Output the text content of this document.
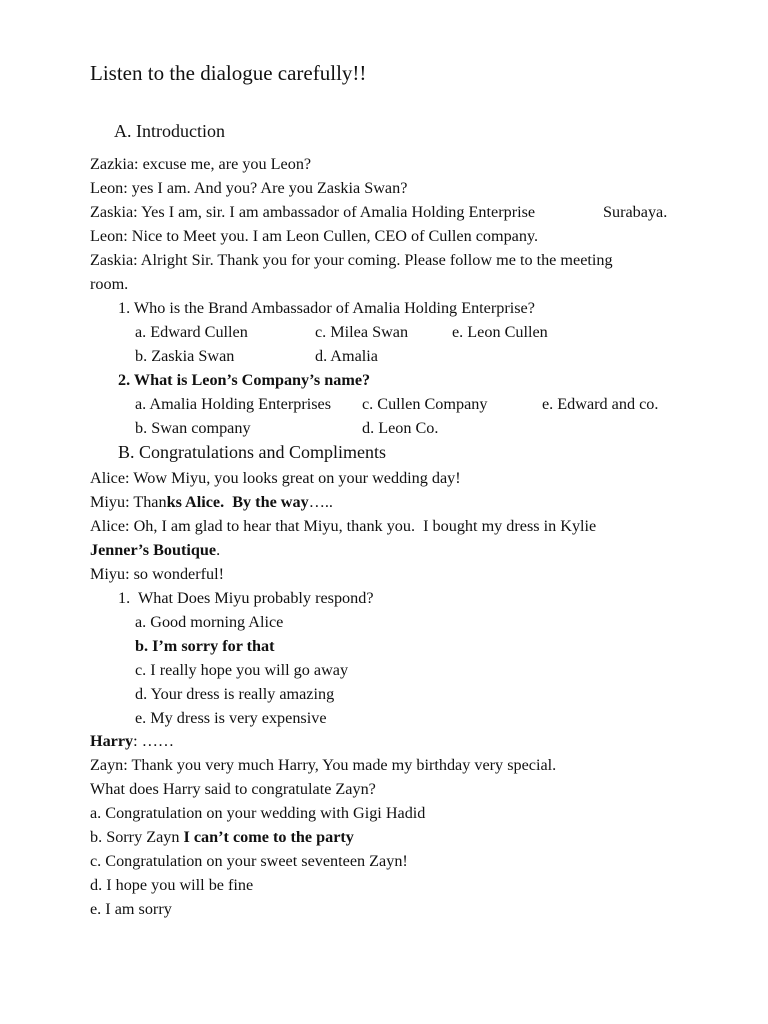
Listen to the dialogue carefully!!
A. Introduction
Zazkia: excuse me, are you Leon?
Leon: yes I am. And you? Are you Zaskia Swan?
Zaskia: Yes I am, sir. I am ambassador of Amalia Holding Enterprise	Surabaya.
Leon: Nice to Meet you. I am Leon Cullen, CEO of Cullen company.
Zaskia: Alright Sir. Thank you for your coming. Please follow me to the meeting
room.
1. Who is the Brand Ambassador of Amalia Holding Enterprise?
a. Edward Cullen	c. Milea Swan	e. Leon Cullen
b. Zaskia Swan	d. Amalia
2. What is Leon’s Company’s name?
a. Amalia Holding Enterprises c. Cullen Company	e. Edward and co.
b. Swan company	d. Leon Co.
B. Congratulations and Compliments
Alice: Wow Miyu, you looks great on your wedding day!
Miyu: Thanks Alice.  By the way…..
Alice: Oh, I am glad to hear that Miyu, thank you.  I bought my dress in Kylie
Jenner’s Boutique.
Miyu: so wonderful!
1.  What Does Miyu probably respond?
a. Good morning Alice
b. I’m sorry for that
c. I really hope you will go away
d. Your dress is really amazing
e. My dress is very expensive
Harry: ……
Zayn: Thank you very much Harry, You made my birthday very special.
What does Harry said to congratulate Zayn?
a. Congratulation on your wedding with Gigi Hadid
b. Sorry Zayn I can’t come to the party
c. Congratulation on your sweet seventeen Zayn!
d. I hope you will be fine
e. I am sorry
